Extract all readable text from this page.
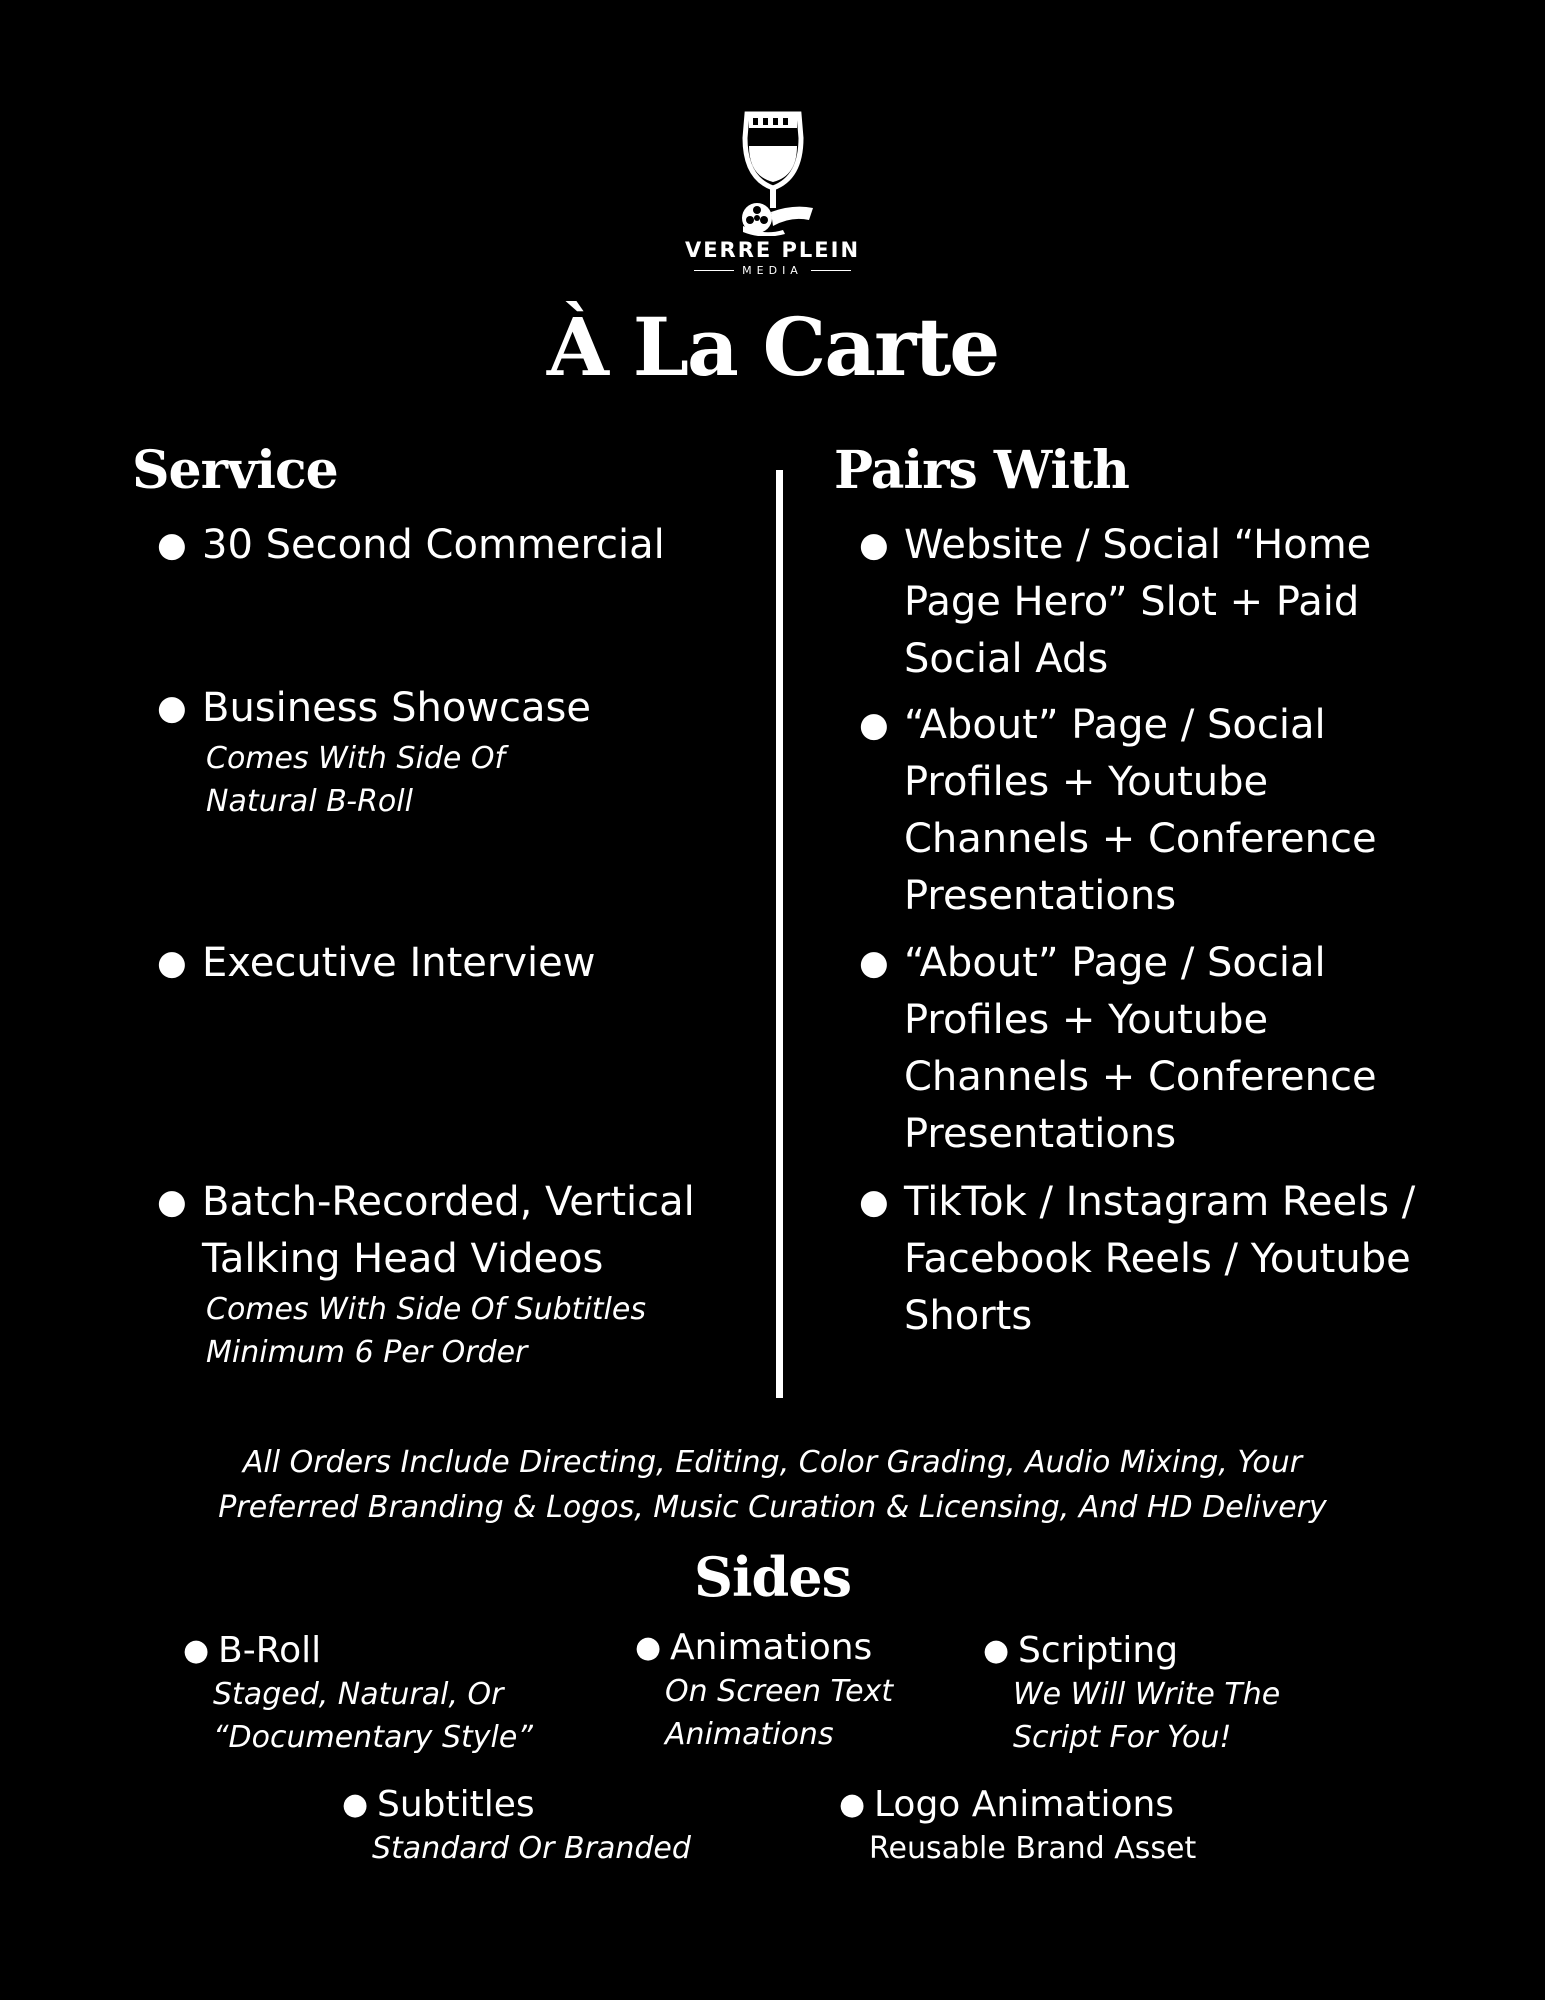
VERRE PLEIN
MEDIA
À La Carte
Service	Pairs With
● 30 Second Commercial
● Business Showcase
Comes With Side Of
Natural B-Roll
● Executive Interview
● Batch-Recorded, Vertical
Talking Head Videos
Comes With Side Of Subtitles
Minimum 6 Per Order
● Website / Social “Home
Page Hero” Slot + Paid
Social Ads
● “About” Page / Social
Profiles + Youtube
Channels + Conference
Presentations
● “About” Page / Social
Profiles + Youtube
Channels + Conference
Presentations
● TikTok / Instagram Reels /
Facebook Reels / Youtube
Shorts
All Orders Include Directing, Editing, Color Grading, Audio Mixing, Your
Preferred Branding & Logos, Music Curation & Licensing, And HD Delivery
Sides
● B-Roll
Staged, Natural, Or
“Documentary Style”
● Animations
On Screen Text
Animations
● Scripting
We Will Write The
Script For You!
● Subtitles
Standard Or Branded
● Logo Animations
Reusable Brand Asset
